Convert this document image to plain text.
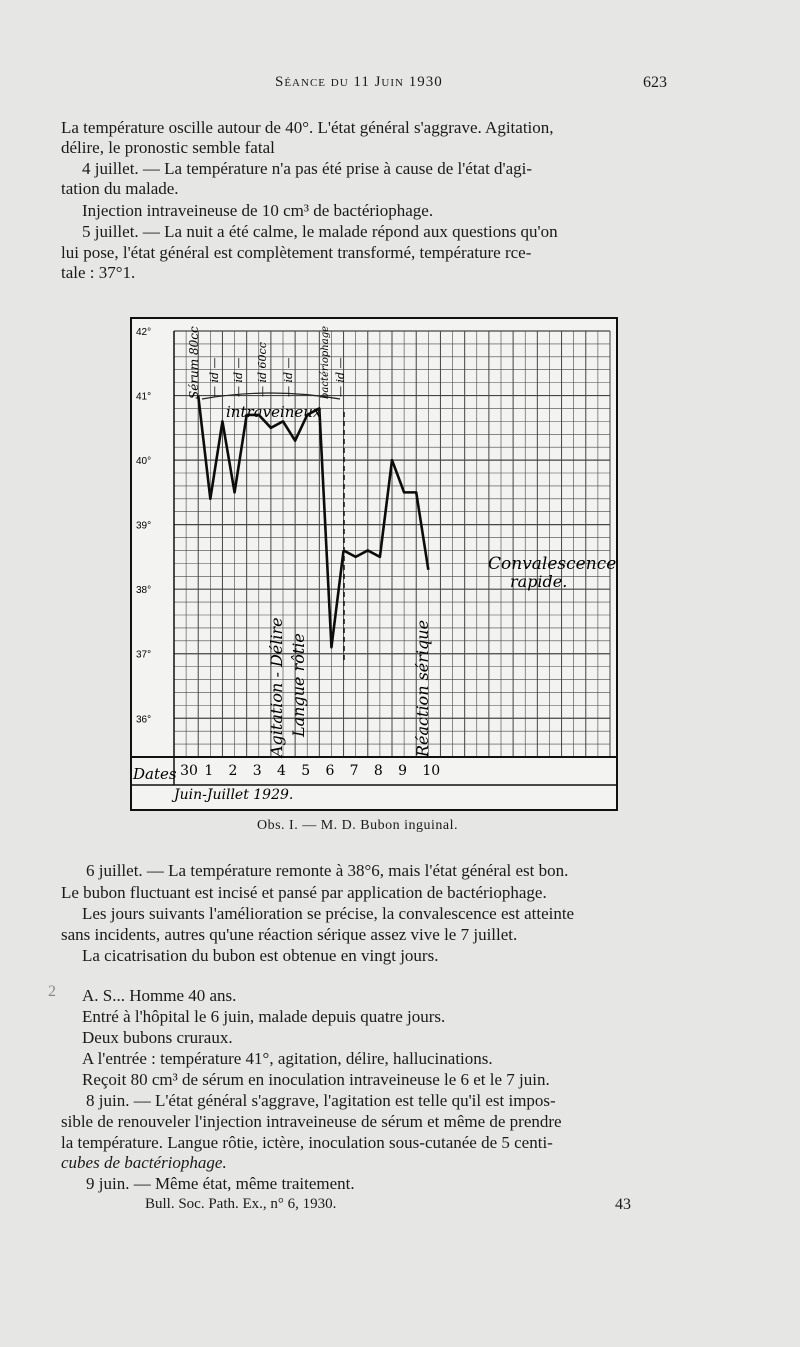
Séance du 11 Juin 1930	623
La température oscille autour de 40°. L'état général s'aggrave. Agitation,
délire, le pronostic semble fatal
4 juillet. — La température n'a pas été prise à cause de l'état d'agi-
tation du malade.
Injection intraveineuse de 10 cm³ de bactériophage.
5 juillet. — La nuit a été calme, le malade répond aux questions qu'on
lui pose, l'état général est complètement transformé, température rce-
tale : 37°1.
42°
41°
40°
39°
38°
37°
36°
Sérum 80cc — id — — id — — id 60cc — id —	bactériophage — id —
intraveineux
Agitation - Délire Langue rôtie	Réaction sérique
Convalescence
rapide.
Dates 30 1 2 3 4 5 6 7 8 9 10
Juin-Juillet 1929.
Obs. I. — M. D. Bubon inguinal.
6 juillet. — La température remonte à 38°6, mais l'état général est bon.
Le bubon fluctuant est incisé et pansé par application de bactériophage.
Les jours suivants l'amélioration se précise, la convalescence est atteinte
sans incidents, autres qu'une réaction sérique assez vive le 7 juillet.
La cicatrisation du bubon est obtenue en vingt jours.
2 A. S... Homme 40 ans.
Entré à l'hôpital le 6 juin, malade depuis quatre jours.
Deux bubons cruraux.
A l'entrée : température 41°, agitation, délire, hallucinations.
Reçoit 80 cm³ de sérum en inoculation intraveineuse le 6 et le 7 juin.
8 juin. — L'état général s'aggrave, l'agitation est telle qu'il est impos-
sible de renouveler l'injection intraveineuse de sérum et même de prendre
la température. Langue rôtie, ictère, inoculation sous-cutanée de 5 centi-
cubes de bactériophage.
9 juin. — Même état, même traitement.
Bull. Soc. Path. Ex., n° 6, 1930.	43
